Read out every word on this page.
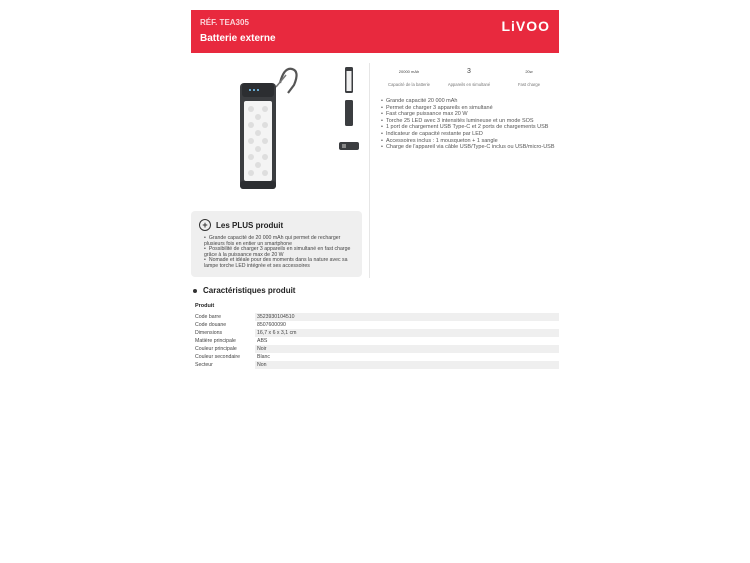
RÉF. TEA305
Batterie externe
LiVOO
20000 mAh
Capacité de la batterie
3
Appareils en simultané
20w
Fast charge
• Grande capacité 20 000 mAh
• Permet de charger 3 appareils en simultané
• Fast charge puissance max 20 W
• Torche 25 LED avec 3 intensités lumineuse et un mode SOS
• 1 port de chargement USB Type-C et 2 ports de chargements USB
• Indicateur de capacité restante par LED
• Accessoires inclus : 1 mousqueton + 1 sangle
• Charge de l'appareil via câble USB/Type-C inclus ou USB/micro-USB
+	Les PLUS produit
• Grande capacité de 20 000 mAh qui permet de recharger plusieurs fois en entier un smartphone
• Possibilité de charger 3 appareils en simultané en fast charge grâce à la puissance max de 20 W
• Nomade et idéale pour des moments dans la nature avec sa lampe torche LED intégrée et ses accessoires
Caractéristiques produit
Produit
Code barre	3523930104510
Code douane	8507600090
Dimensions	16,7 x 6 x 3,1 cm
Matière principale	ABS
Couleur principale	Noir
Couleur secondaire	Blanc
Secteur	Non
